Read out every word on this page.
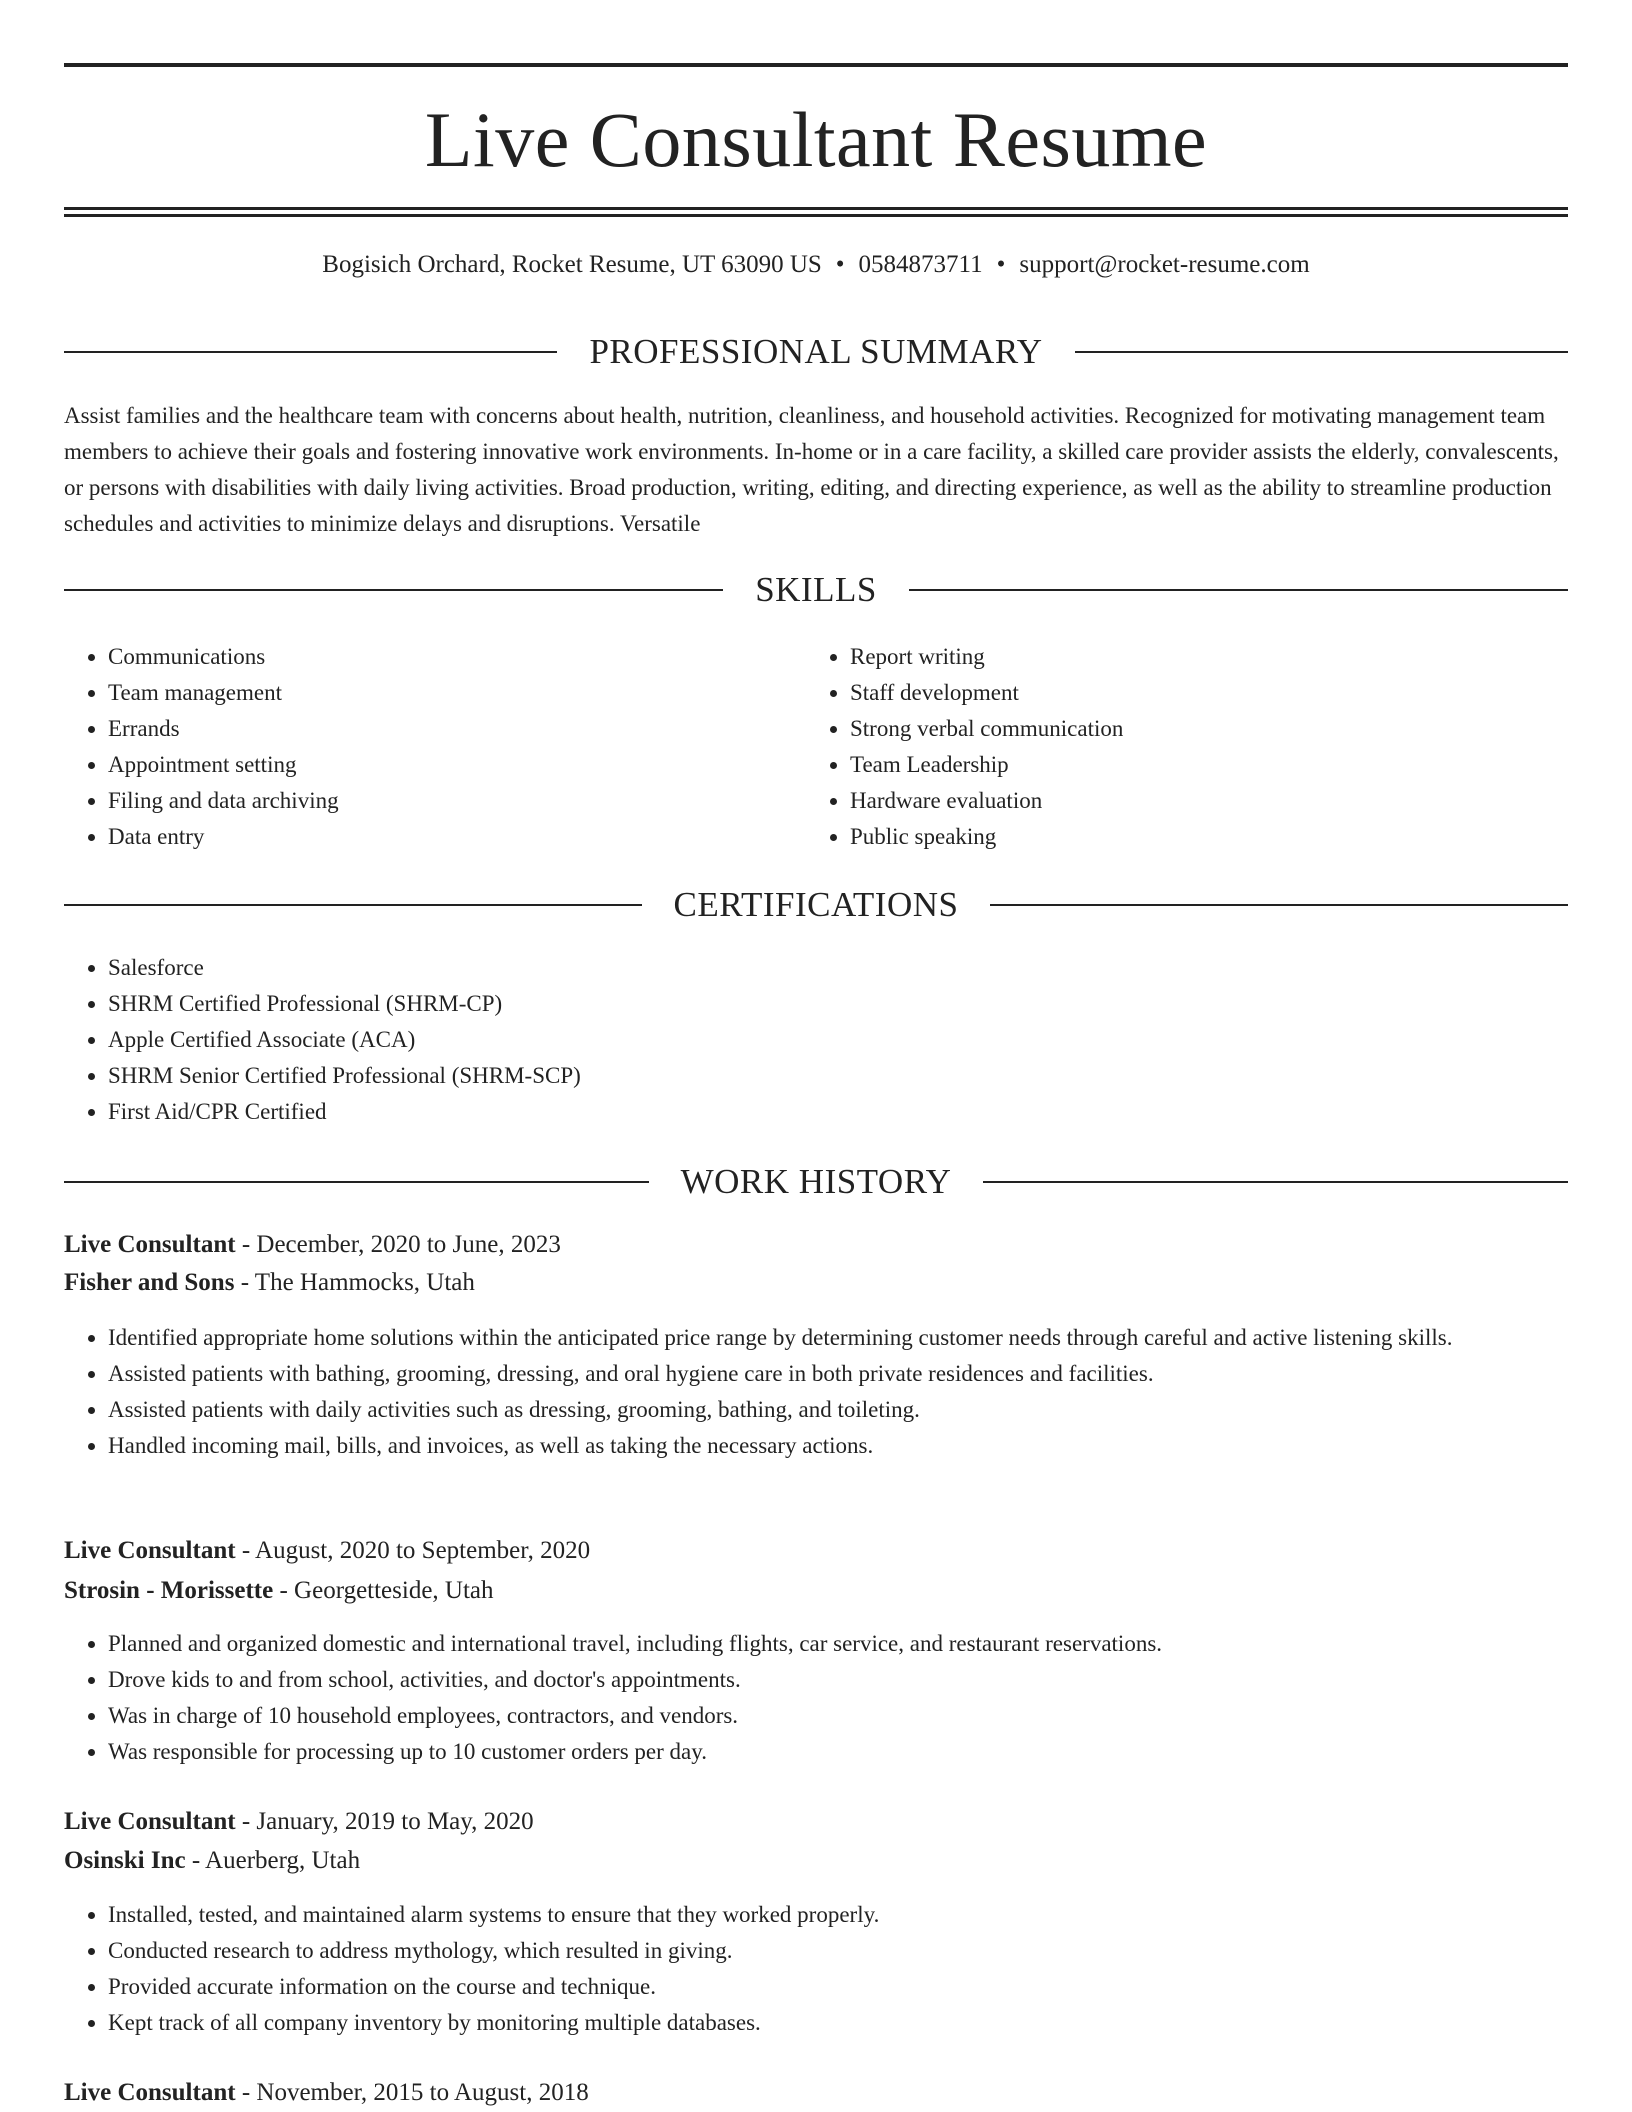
Live Consultant Resume
Bogisich Orchard, Rocket Resume, UT 63090 US • 0584873711 • support@rocket-resume.com
PROFESSIONAL SUMMARY
Assist families and the healthcare team with concerns about health, nutrition, cleanliness, and household activities. Recognized for motivating management team members to achieve their goals and fostering innovative work environments. In-home or in a care facility, a skilled care provider assists the elderly, convalescents, or persons with disabilities with daily living activities. Broad production, writing, editing, and directing experience, as well as the ability to streamline production schedules and activities to minimize delays and disruptions. Versatile
SKILLS
• Communications
• Team management
• Errands
• Appointment setting
• Filing and data archiving
• Data entry
• Report writing
• Staff development
• Strong verbal communication
• Team Leadership
• Hardware evaluation
• Public speaking
CERTIFICATIONS
• Salesforce
• SHRM Certified Professional (SHRM-CP)
• Apple Certified Associate (ACA)
• SHRM Senior Certified Professional (SHRM-SCP)
• First Aid/CPR Certified
WORK HISTORY
Live Consultant - December, 2020 to June, 2023
Fisher and Sons - The Hammocks, Utah
• Identified appropriate home solutions within the anticipated price range by determining customer needs through careful and active listening skills.
• Assisted patients with bathing, grooming, dressing, and oral hygiene care in both private residences and facilities.
• Assisted patients with daily activities such as dressing, grooming, bathing, and toileting.
• Handled incoming mail, bills, and invoices, as well as taking the necessary actions.
Live Consultant - August, 2020 to September, 2020
Strosin - Morissette - Georgetteside, Utah
• Planned and organized domestic and international travel, including flights, car service, and restaurant reservations.
• Drove kids to and from school, activities, and doctor's appointments.
• Was in charge of 10 household employees, contractors, and vendors.
• Was responsible for processing up to 10 customer orders per day.
Live Consultant - January, 2019 to May, 2020
Osinski Inc - Auerberg, Utah
• Installed, tested, and maintained alarm systems to ensure that they worked properly.
• Conducted research to address mythology, which resulted in giving.
• Provided accurate information on the course and technique.
• Kept track of all company inventory by monitoring multiple databases.
Live Consultant - November, 2015 to August, 2018
